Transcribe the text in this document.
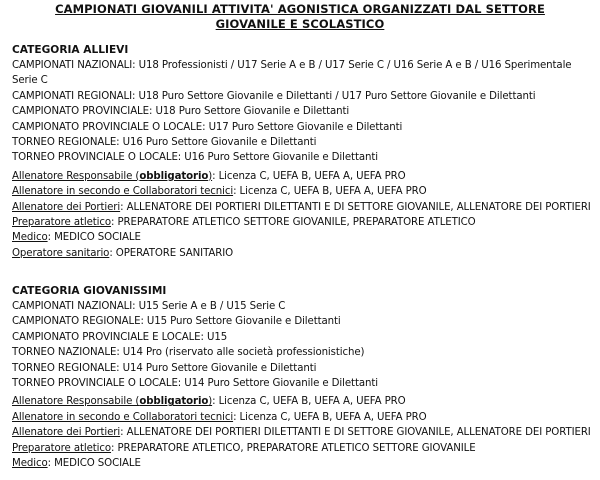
CAMPIONATI GIOVANILI ATTIVITA' AGONISTICA ORGANIZZATI DAL SETTORE GIOVANILE E SCOLASTICO
CATEGORIA ALLIEVI
CAMPIONATI NAZIONALI: U18 Professionisti / U17 Serie A e B / U17 Serie C / U16 Serie A e B / U16 Sperimentale Serie C
CAMPIONATI REGIONALI: U18 Puro Settore Giovanile e Dilettanti / U17 Puro Settore Giovanile e Dilettanti
CAMPIONATO PROVINCIALE: U18 Puro Settore Giovanile e Dilettanti
CAMPIONATO PROVINCIALE O LOCALE: U17 Puro Settore Giovanile e Dilettanti
TORNEO REGIONALE: U16 Puro Settore Giovanile e Dilettanti
TORNEO PROVINCIALE O LOCALE: U16 Puro Settore Giovanile e Dilettanti
Allenatore Responsabile (obbligatorio): Licenza C, UEFA B, UEFA A, UEFA PRO
Allenatore in secondo e Collaboratori tecnici: Licenza C, UEFA B, UEFA A, UEFA PRO
Allenatore dei Portieri: ALLENATORE DEI PORTIERI DILETTANTI E DI SETTORE GIOVANILE, ALLENATORE DEI PORTIERI
Preparatore atletico: PREPARATORE ATLETICO SETTORE GIOVANILE, PREPARATORE ATLETICO
Medico: MEDICO SOCIALE
Operatore sanitario: OPERATORE SANITARIO
CATEGORIA GIOVANISSIMI
CAMPIONATI NAZIONALI: U15 Serie A e B / U15 Serie C
CAMPIONATO REGIONALE: U15 Puro Settore Giovanile e Dilettanti
CAMPIONATO PROVINCIALE E LOCALE: U15
TORNEO NAZIONALE: U14 Pro (riservato alle società professionistiche)
TORNEO REGIONALE: U14 Puro Settore Giovanile e Dilettanti
TORNEO PROVINCIALE O LOCALE: U14 Puro Settore Giovanile e Dilettanti
Allenatore Responsabile (obbligatorio): Licenza C, UEFA B, UEFA A, UEFA PRO
Allenatore in secondo e Collaboratori tecnici: Licenza C, UEFA B, UEFA A, UEFA PRO
Allenatore dei Portieri: ALLENATORE DEI PORTIERI DILETTANTI E DI SETTORE GIOVANILE, ALLENATORE DEI PORTIERI
Preparatore atletico: PREPARATORE ATLETICO, PREPARATORE ATLETICO SETTORE GIOVANILE
Medico: MEDICO SOCIALE
